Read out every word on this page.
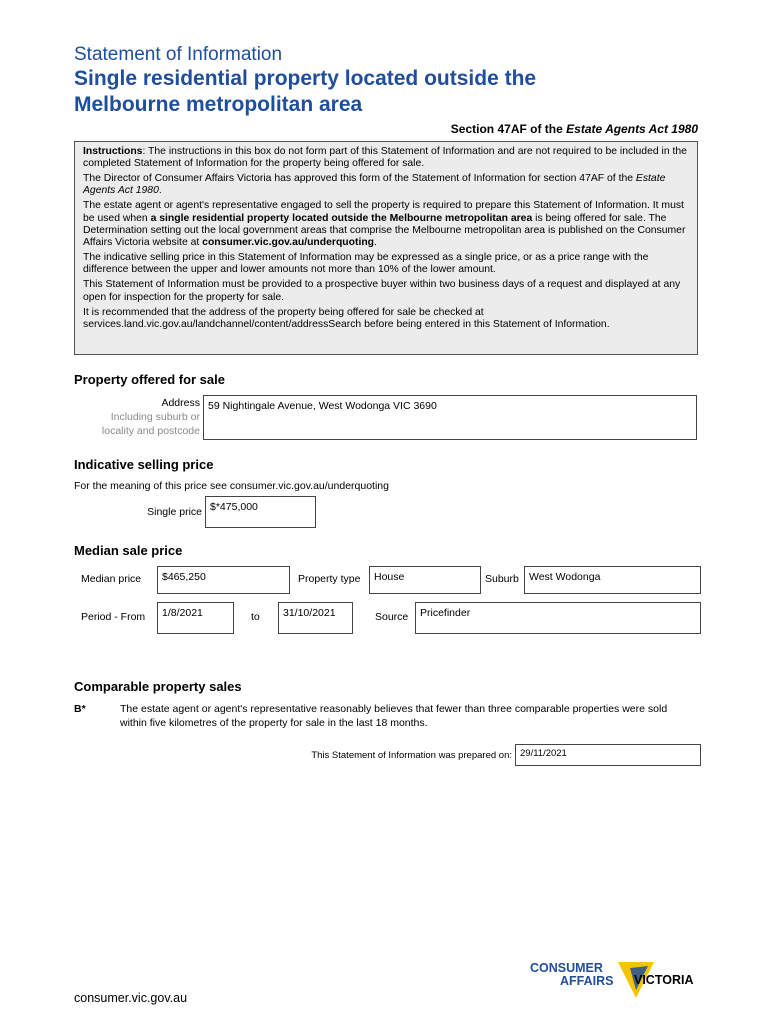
Statement of Information
Single residential property located outside the
Melbourne metropolitan area
Section 47AF of the Estate Agents Act 1980

Instructions: The instructions in this box do not form part of this Statement of Information and are not required to be included in the completed Statement of Information for the property being offered for sale.

The Director of Consumer Affairs Victoria has approved this form of the Statement of Information for section 47AF of the Estate Agents Act 1980.

The estate agent or agent's representative engaged to sell the property is required to prepare this Statement of Information. It must be used when a single residential property located outside the Melbourne metropolitan area is being offered for sale. The Determination setting out the local government areas that comprise the Melbourne metropolitan area is published on the Consumer Affairs Victoria website at consumer.vic.gov.au/underquoting.

The indicative selling price in this Statement of Information may be expressed as a single price, or as a price range with the difference between the upper and lower amounts not more than 10% of the lower amount.

This Statement of Information must be provided to a prospective buyer within two business days of a request and displayed at any open for inspection for the property for sale.

It is recommended that the address of the property being offered for sale be checked at services.land.vic.gov.au/landchannel/content/addressSearch before being entered in this Statement of Information.

Property offered for sale
Address
Including suburb or
locality and postcode
59 Nightingale Avenue, West Wodonga VIC 3690
Indicative selling price
For the meaning of this price see consumer.vic.gov.au/underquoting
Single price $*475,000
Median sale price
Median price	$465,250	Property type	House	Suburb West Wodonga
Period - From	1/8/2021	to	31/10/2021	Source	Pricefinder
Comparable property sales
B*	The estate agent or agent's representative reasonably believes that fewer than three comparable properties were sold within five kilometres of the property for sale in the last 18 months.
This Statement of Information was prepared on: 29/11/2021
CONSUMER
AFFAIRS VICTORIA
consumer.vic.gov.au
